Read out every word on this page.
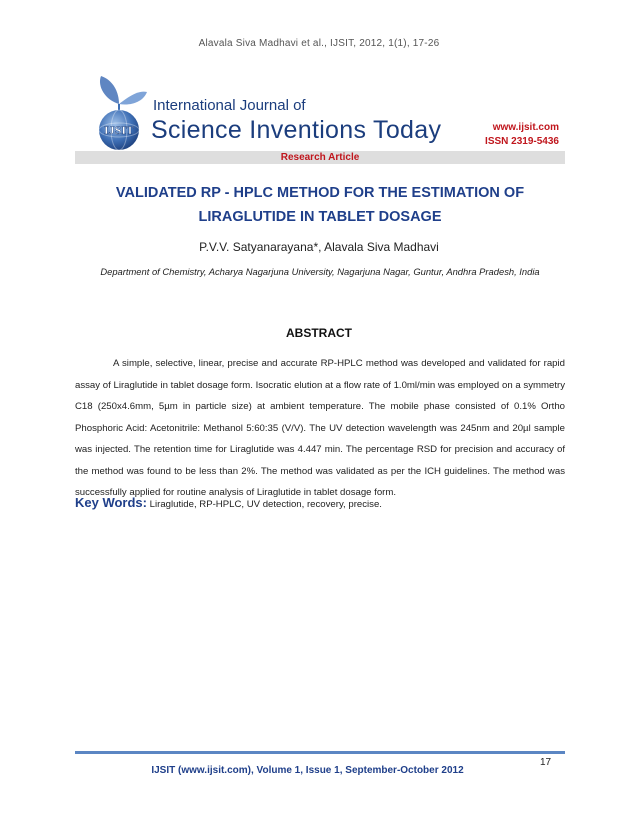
Alavala Siva Madhavi et al., IJSIT, 2012, 1(1), 17-26
IJSIT
International Journal of
Science Inventions Today	www.ijsit.com
ISSN 2319-5436
Research Article
VALIDATED RP - HPLC METHOD FOR THE ESTIMATION OF LIRAGLUTIDE IN TABLET DOSAGE
P.V.V. Satyanarayana*, Alavala Siva Madhavi
Department of Chemistry, Acharya Nagarjuna University, Nagarjuna Nagar, Guntur, Andhra Pradesh, India
ABSTRACT
A simple, selective, linear, precise and accurate RP-HPLC method was developed and validated for rapid assay of Liraglutide in tablet dosage form. Isocratic elution at a flow rate of 1.0ml/min was employed on a symmetry C18 (250x4.6mm, 5µm in particle size) at ambient temperature. The mobile phase consisted of 0.1% Ortho Phosphoric Acid: Acetonitrile: Methanol 5:60:35 (V/V). The UV detection wavelength was 245nm and 20µl sample was injected. The retention time for Liraglutide was 4.447 min. The percentage RSD for precision and accuracy of the method was found to be less than 2%. The method was validated as per the ICH guidelines. The method was successfully applied for routine analysis of Liraglutide in tablet dosage form.
Key Words: Liraglutide, RP-HPLC, UV detection, recovery, precise.
17
IJSIT (www.ijsit.com), Volume 1, Issue 1, September-October 2012
